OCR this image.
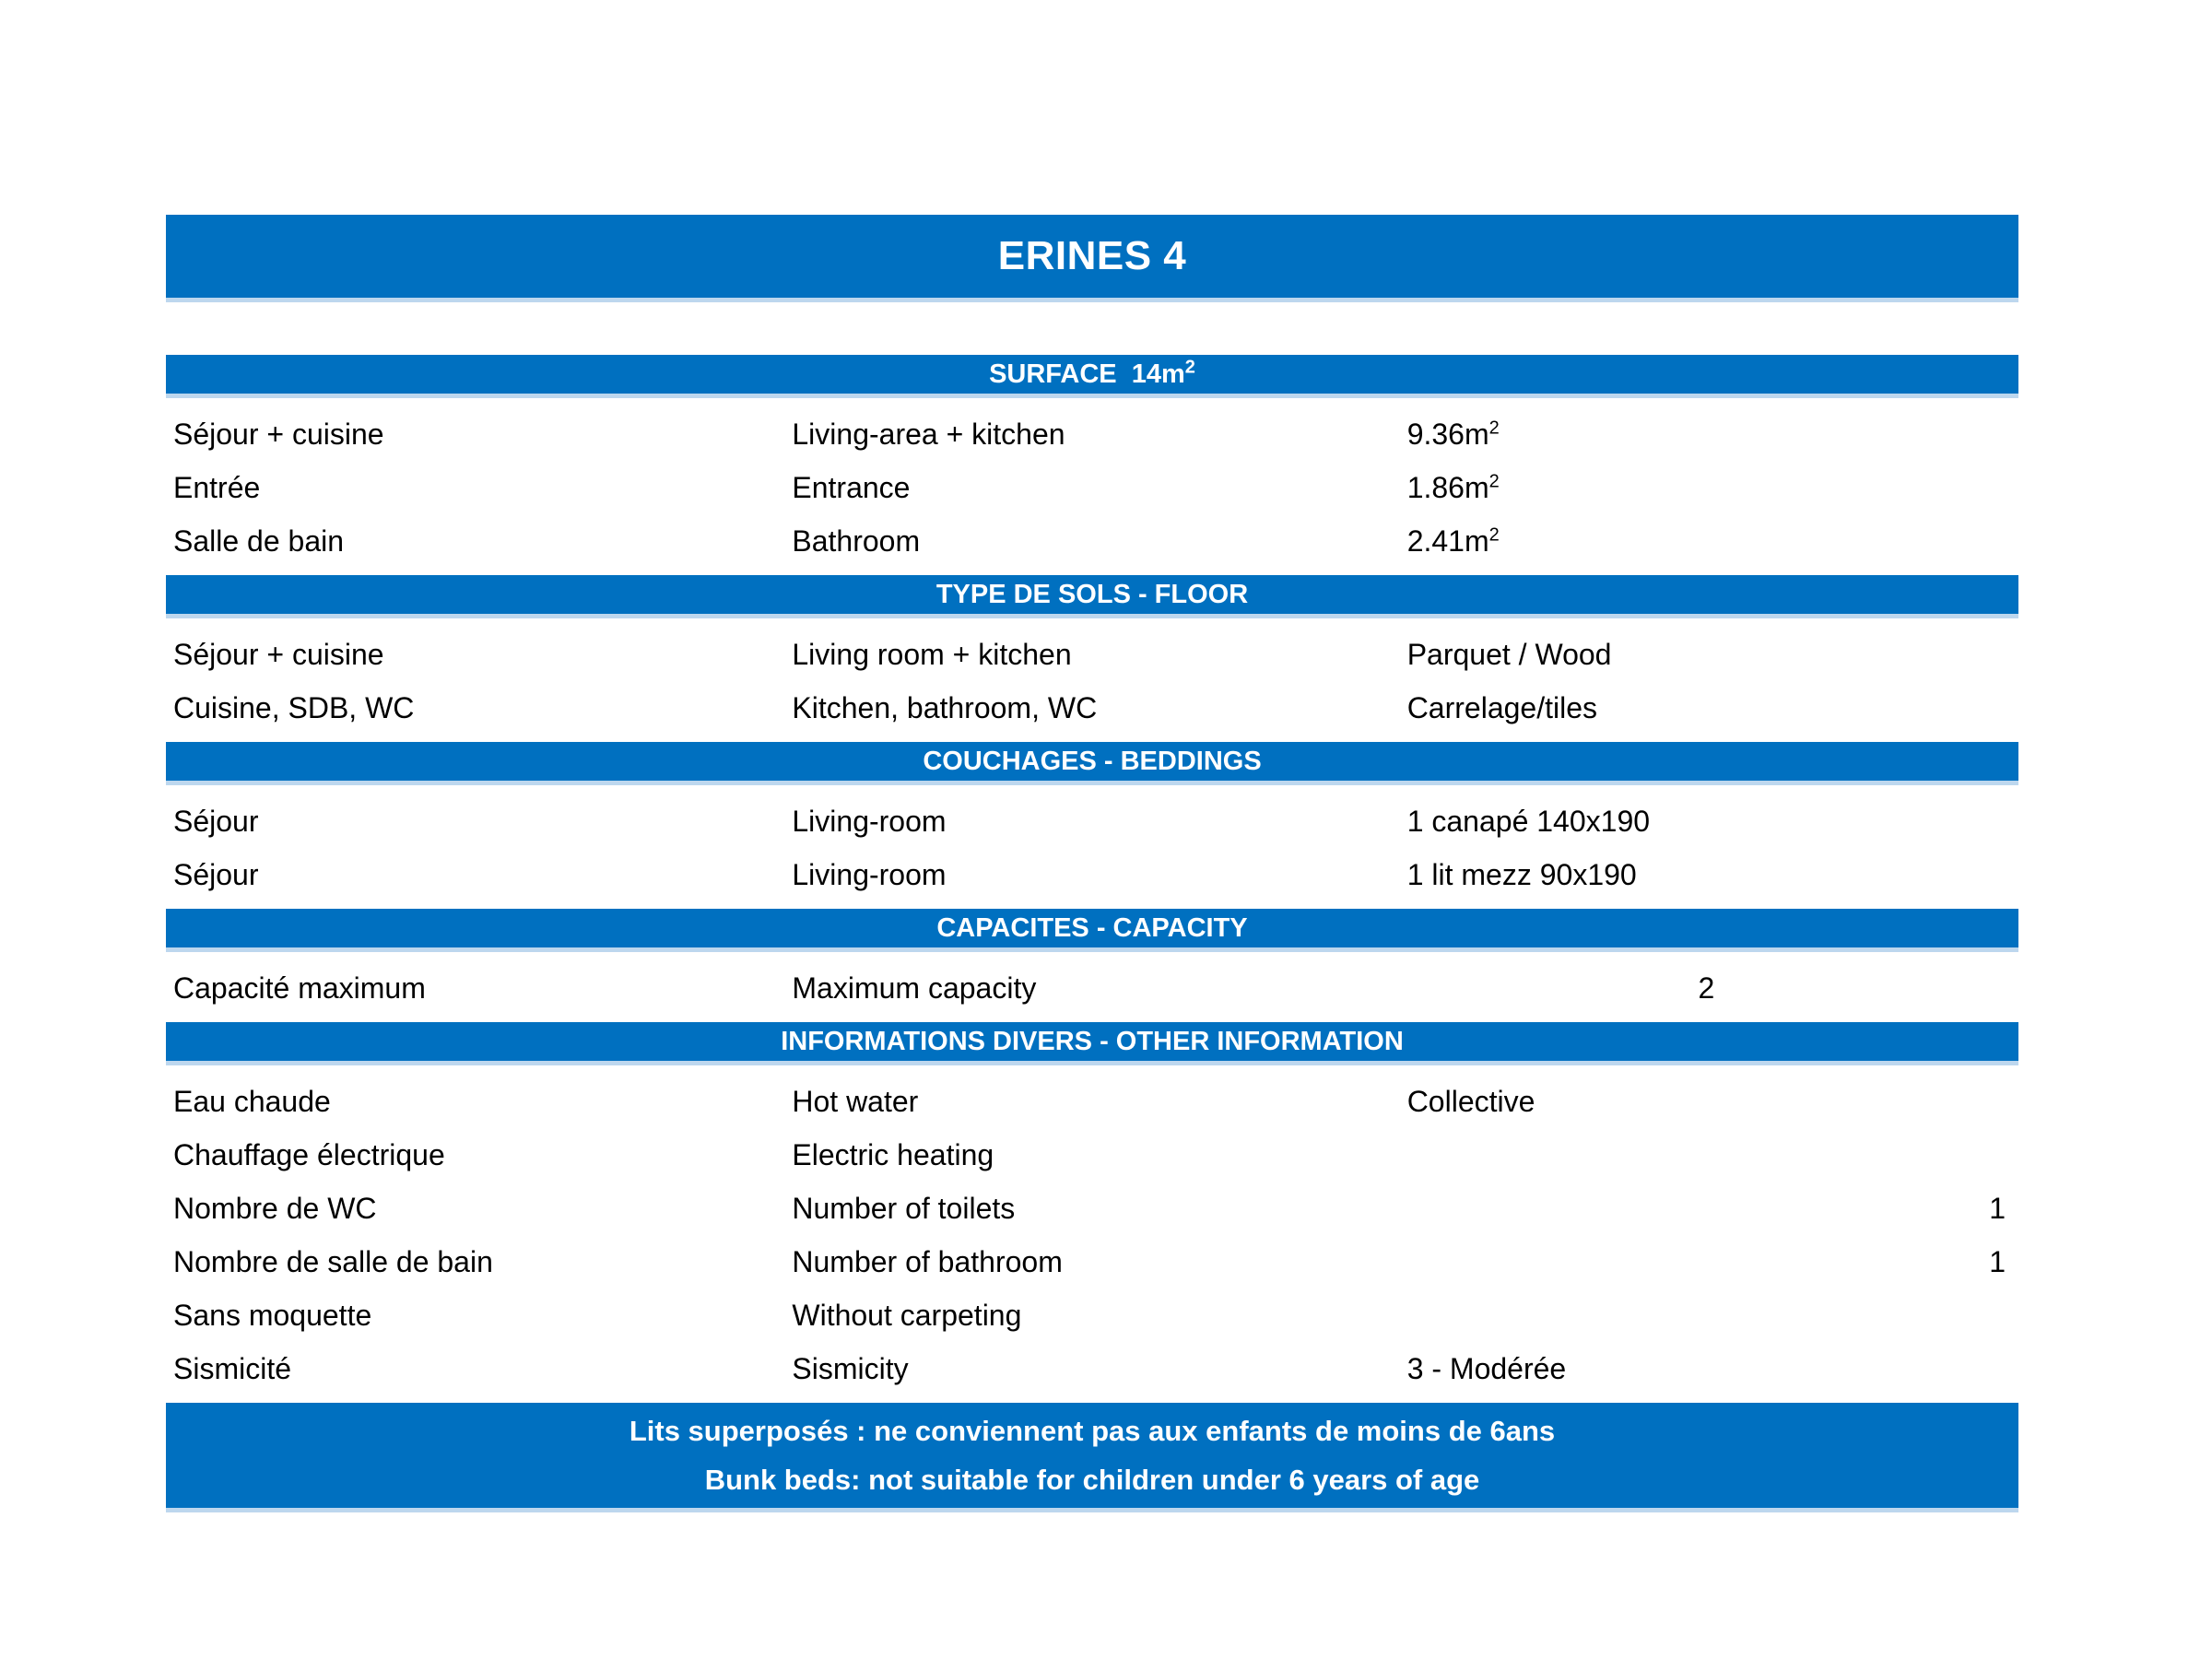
ERINES 4
SURFACE  $14m^2$
Séjour + cuisine	Living-area + kitchen	$9.36m^2$
Entrée	Entrance	$1.86m^2$
Salle de bain	Bathroom	$2.41m^2$
TYPE DE SOLS - FLOOR
Séjour + cuisine	Living room + kitchen	Parquet / Wood
Cuisine, SDB, WC	Kitchen, bathroom, WC	Carrelage/tiles
COUCHAGES - BEDDINGS
Séjour	Living-room	1 canapé 140x190
Séjour	Living-room	1 lit mezz 90x190
CAPACITES - CAPACITY
Capacité maximum	Maximum capacity	2
INFORMATIONS DIVERS - OTHER INFORMATION
Eau chaude	Hot water	Collective
Chauffage électrique	Electric heating
Nombre de WC	Number of toilets	1
Nombre de salle de bain	Number of bathroom	1
Sans moquette	Without carpeting
Sismicité	Sismicity	3 - Modérée
Lits superposés : ne conviennent pas aux enfants de moins de 6ans
Bunk beds: not suitable for children under 6 years of age
